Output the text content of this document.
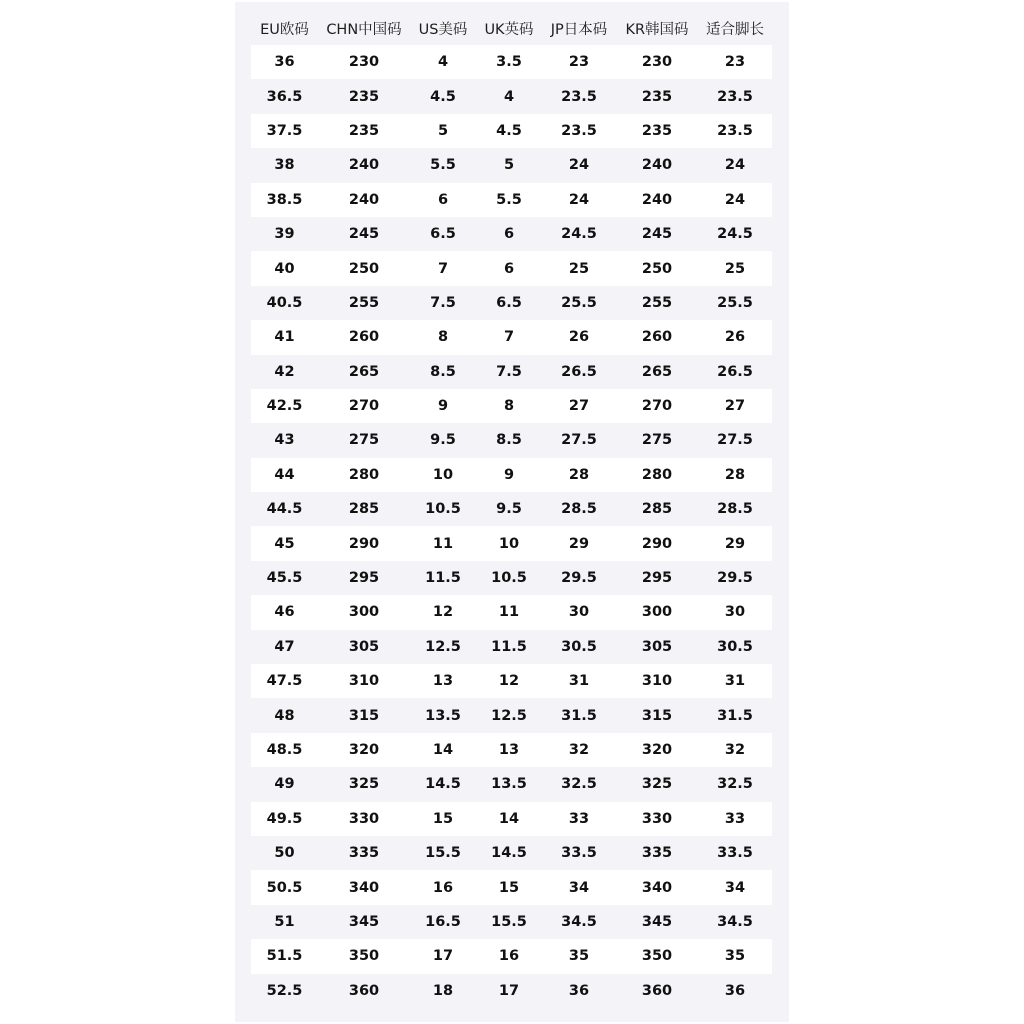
EU欧码	CHN中国码	US美码	UK英码	JP日本码	KR韩国码	适合脚长
36	230	4	3.5	23	230	23
36.5	235	4.5	4	23.5	235	23.5
37.5	235	5	4.5	23.5	235	23.5
38	240	5.5	5	24	240	24
38.5	240	6	5.5	24	240	24
39	245	6.5	6	24.5	245	24.5
40	250	7	6	25	250	25
40.5	255	7.5	6.5	25.5	255	25.5
41	260	8	7	26	260	26
42	265	8.5	7.5	26.5	265	26.5
42.5	270	9	8	27	270	27
43	275	9.5	8.5	27.5	275	27.5
44	280	10	9	28	280	28
44.5	285	10.5	9.5	28.5	285	28.5
45	290	11	10	29	290	29
45.5	295	11.5	10.5	29.5	295	29.5
46	300	12	11	30	300	30
47	305	12.5	11.5	30.5	305	30.5
47.5	310	13	12	31	310	31
48	315	13.5	12.5	31.5	315	31.5
48.5	320	14	13	32	320	32
49	325	14.5	13.5	32.5	325	32.5
49.5	330	15	14	33	330	33
50	335	15.5	14.5	33.5	335	33.5
50.5	340	16	15	34	340	34
51	345	16.5	15.5	34.5	345	34.5
51.5	350	17	16	35	350	35
52.5	360	18	17	36	360	36
